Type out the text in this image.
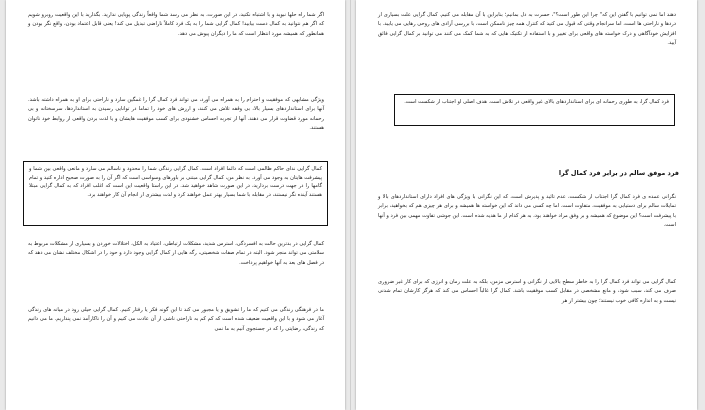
اگر شما راه حلها نبوید و با اشتباه نکنید، در این صورت، به نظر می رسد شما واقعاً زندگی پویایی ندارید. بگذارید با این واقعیت روبرو شویم که اگر هم نتوانید به کمال دست بیابید! کمال گرایی شما را به یک فرد کاملاً ناراضی تبدیل می کند! یعنی قابل اعتماد بودن، واقع نگر بودن و همانطور که همیشه مورد انتظار است که ما را دیگران پیوش می دهد.

ویژگی مشابهی که موفقیت و احترام را به همراه می آورد، می تواند فرد کمال گرا را غمگین سازد و ناراحتی برای او به همراه داشته باشد. آنها برای استانداردهای بسیار بالا، بی وقفه تلاش می کنند، و ارزش های خود را تماما در توانایی رسیدن به استانداردها، سرسختانه و بی رحمانه مورد قضاوت قرار می دهند. آنها از تجربه احساس خشنودی برای کسب موفقیت هایشان و یا لذت بردن واقعی از روابط خود ناتوان هستند.

کمال گرایی ندای حاکم ظالمی است که دائما افراد است. کمال گرایی زندگی شما را محدود و ناسالم می سازد و مانعی واقعی بین شما و پیشرفت هایتان به وجود می آورد. به نظر من، کمال گرایی مبتنی بر باورهای وسواسی است که اگر آن را به صورت صحیح اداره کنید و تمام گامها را در جهت درست بردارید، در این صورت شاهد خواهید شد. در این راستا واقعیت این است که اغلب افراد که به کمال گرایی مبتلا هستند آینده نگر نیستند، در مقابله با شما بسیار بهتر عمل خواهند کرد و لذت بیشتری از انجام آن کار خواهند برد.

کمال گرایی در بدترین حالت به افسردگی، استرس شدید، مشکلات ارتباطی، اعتیاد به الکل، اختلالات خوردن و بسیاری از مشکلات مربوط به سلامتی می تواند منجر شود. البته در تمام صفات شخصیتی، رگه هایی از کمال گرایی وجود دارد و حود را در اشکال مختلف نشان می دهد که در فصل های بعد به آنها خواهیم پرداخت.

ما در فرهنگی زندگی می کنیم که ما را تشویق و یا مجبور می کند تا این گونه فکر یا رفتار کنیم. کمال گرایی حیلی زود در میانه های زندگی آغاز می شود و با این واقعیت ضعیف شده است که کم کم به ناراحتی ناشی از آن عادت می کنیم و آن را ناکارآمد نمی پنداریم. ما می دانیم که زندگی، رضایتی را که در جستجوی آنیم به ما نمی

دهند اما نمی توانیم با گفتن این که" چرا این طور است؟"، حسرت به دل بمانیم؛ بنابراین با آن مقابله می کنیم. کمال گرایی علت بسیاری از دردها و ناراحتی ها است، اما سرانجام وقتی که قبول می کنید که کنترل همه چیز ناممکن است، با بررسی آزادی های روحی رهایی می یابید. با افزایش خودآگاهی و درک خواسته های واقعی برای تغییر و با استفاده از تکنیک هایی که به شما کمک می کنند می توانید بر کمال گرایی فائق آیید.

فرد کمال گرا، به طوری رحمانه ای برای استانداردهای بالای غیر واقعی در تلاش است. هدف اصلی او اجتناب از شکست است.

فرد موفق سالم در برابر فرد کمال گرا

نگرانی عمده ی فرد کمال گرا اجتناب از شکست، عدم تائید و پذیرش است، که این نگرانی با ویژگی های افراد دارای استانداردهای بالا و تمایلات سالم برای دستیابی به موفقیت، متفاوت است. اما چه کسی می داند که این خواسته ها همیشه و برای هر چیزی هم که بخواهید، برابر با پیشرفت است؟ این موضوع که همیشه و بر وفق مراد خواهند بود، به هر کدام از ما هدیه شده است. این جوشی تفاوت مهمی بین فرد و آنها است.

کمال گرایی می تواند فرد کمال گرا را به خاطر سطح بالایی از نگرانی و استرس مزمن، بلکه به علت زمان و انرژی که برای کار غیر ضروری صرف می کند، سبب شود، و مانع مشخصی در مقابل کسب موفقیت باشد. کمال گرا غالباً احساس می کند که هرگز کارشان تمام شدنی نیست و به اندازه کافی خوب نیستند؛ چون بیشتر از هر
